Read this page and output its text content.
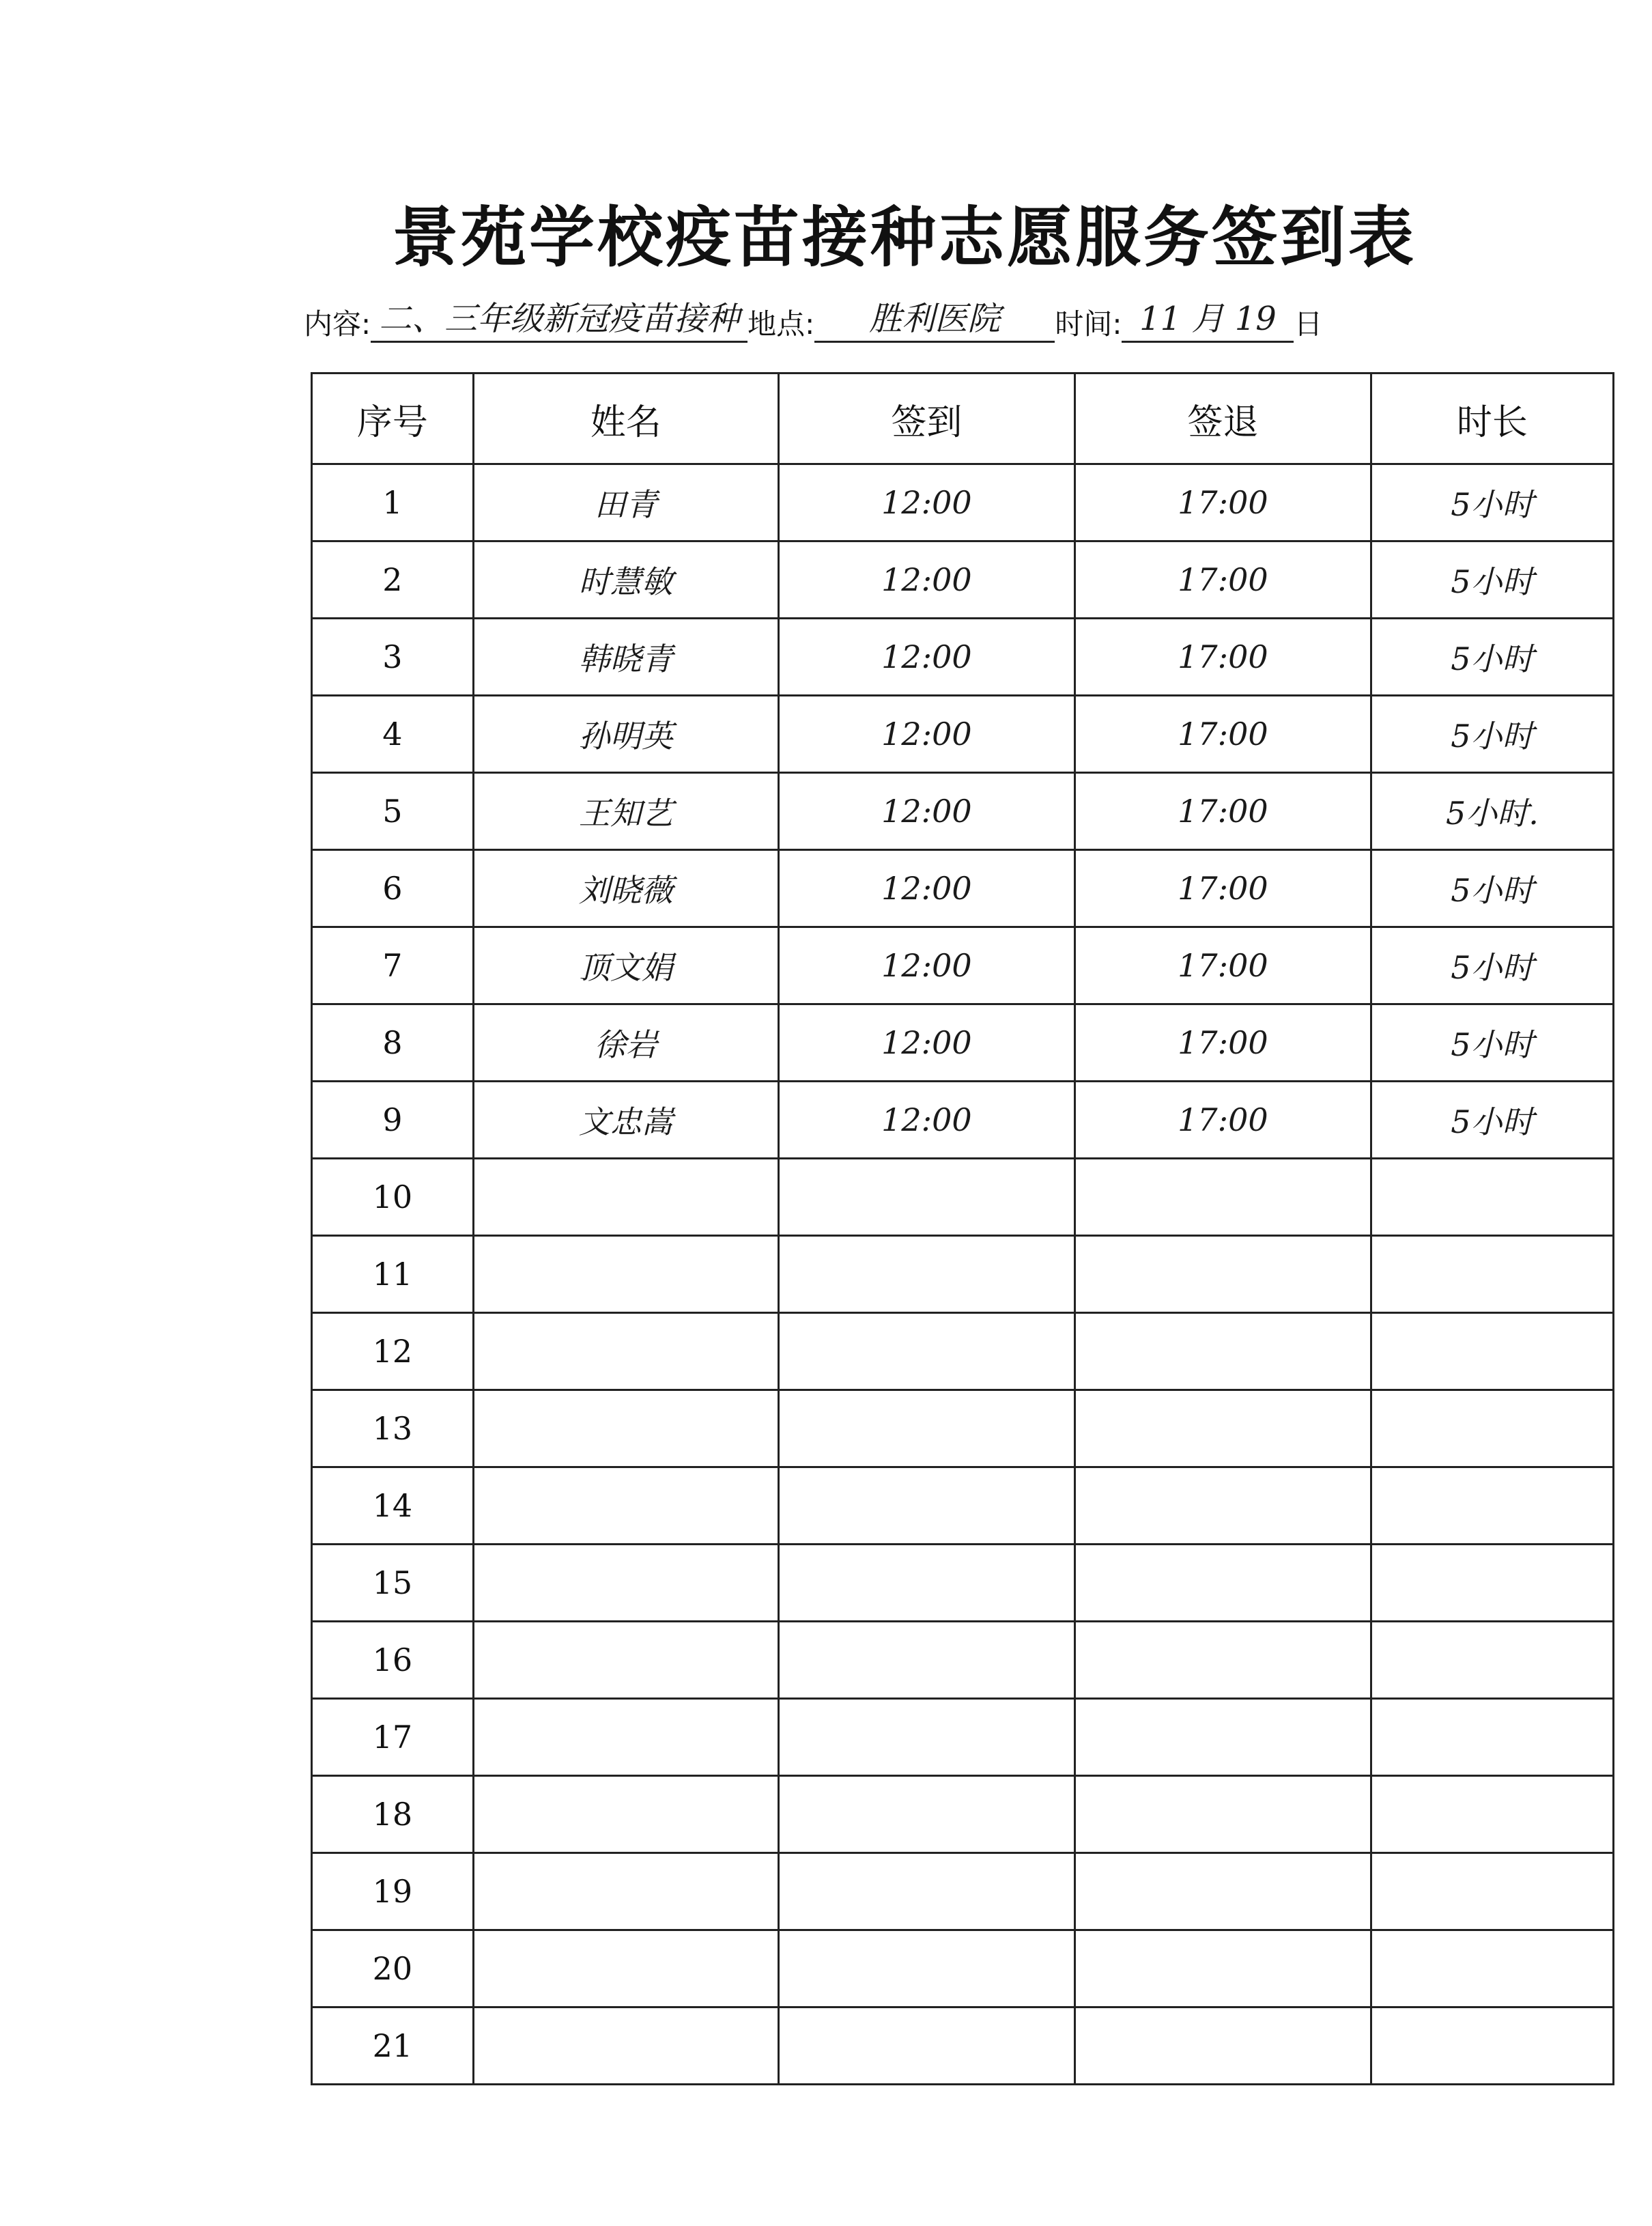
景苑学校疫苗接种志愿服务签到表
内容: 二、三年级新冠疫苗接种 地点:	胜利医院	时间: 11 月 19 日
序号	姓名	签到	签退	时长
1	田青	12:00	17:00	5小时
2	时慧敏	12:00	17:00	5小时
3	韩晓青	12:00	17:00	5小时
4	孙明英	12:00	17:00	5小时
5	王知艺	12:00	17:00	5小时.
6	刘晓薇	12:00	17:00	5小时
7	顶文娟	12:00	17:00	5小时
8	徐岩	12:00	17:00	5小时
9	文忠嵩	12:00	17:00	5小时
10				
11				
12				
13				
14				
15				
16				
17				
18				
19				
20				
21				
